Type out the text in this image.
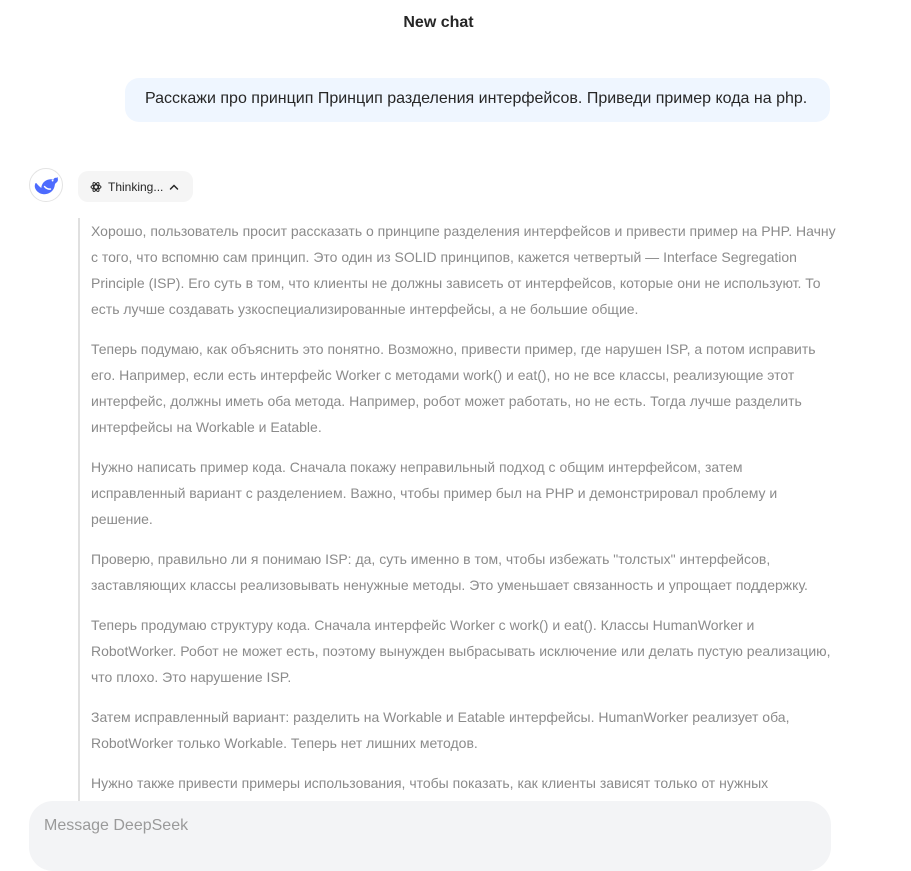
New chat
Расскажи про принцип Принцип разделения интерфейсов. Приведи пример кода на php.
Thinking...

Хорошо, пользователь просит рассказать о принципе разделения интерфейсов и привести пример на PHP. Начну с того, что вспомню сам принцип. Это один из SOLID принципов, кажется четвертый — Interface Segregation Principle (ISP). Его суть в том, что клиенты не должны зависеть от интерфейсов, которые они не используют. То есть лучше создавать узкоспециализированные интерфейсы, а не большие общие.

Теперь подумаю, как объяснить это понятно. Возможно, привести пример, где нарушен ISP, а потом исправить его. Например, если есть интерфейс Worker с методами work() и eat(), но не все классы, реализующие этот интерфейс, должны иметь оба метода. Например, робот может работать, но не есть. Тогда лучше разделить интерфейсы на Workable и Eatable.

Нужно написать пример кода. Сначала покажу неправильный подход с общим интерфейсом, затем исправленный вариант с разделением. Важно, чтобы пример был на PHP и демонстрировал проблему и решение.

Проверю, правильно ли я понимаю ISP: да, суть именно в том, чтобы избежать "толстых" интерфейсов, заставляющих классы реализовывать ненужные методы. Это уменьшает связанность и упрощает поддержку.

Теперь продумаю структуру кода. Сначала интерфейс Worker с work() и eat(). Классы HumanWorker и RobotWorker. Робот не может есть, поэтому вынужден выбрасывать исключение или делать пустую реализацию, что плохо. Это нарушение ISP.

Затем исправленный вариант: разделить на Workable и Eatable интерфейсы. HumanWorker реализует оба, RobotWorker только Workable. Теперь нет лишних методов.

Нужно также привести примеры использования, чтобы показать, как клиенты зависят только от нужных

Message DeepSeek
